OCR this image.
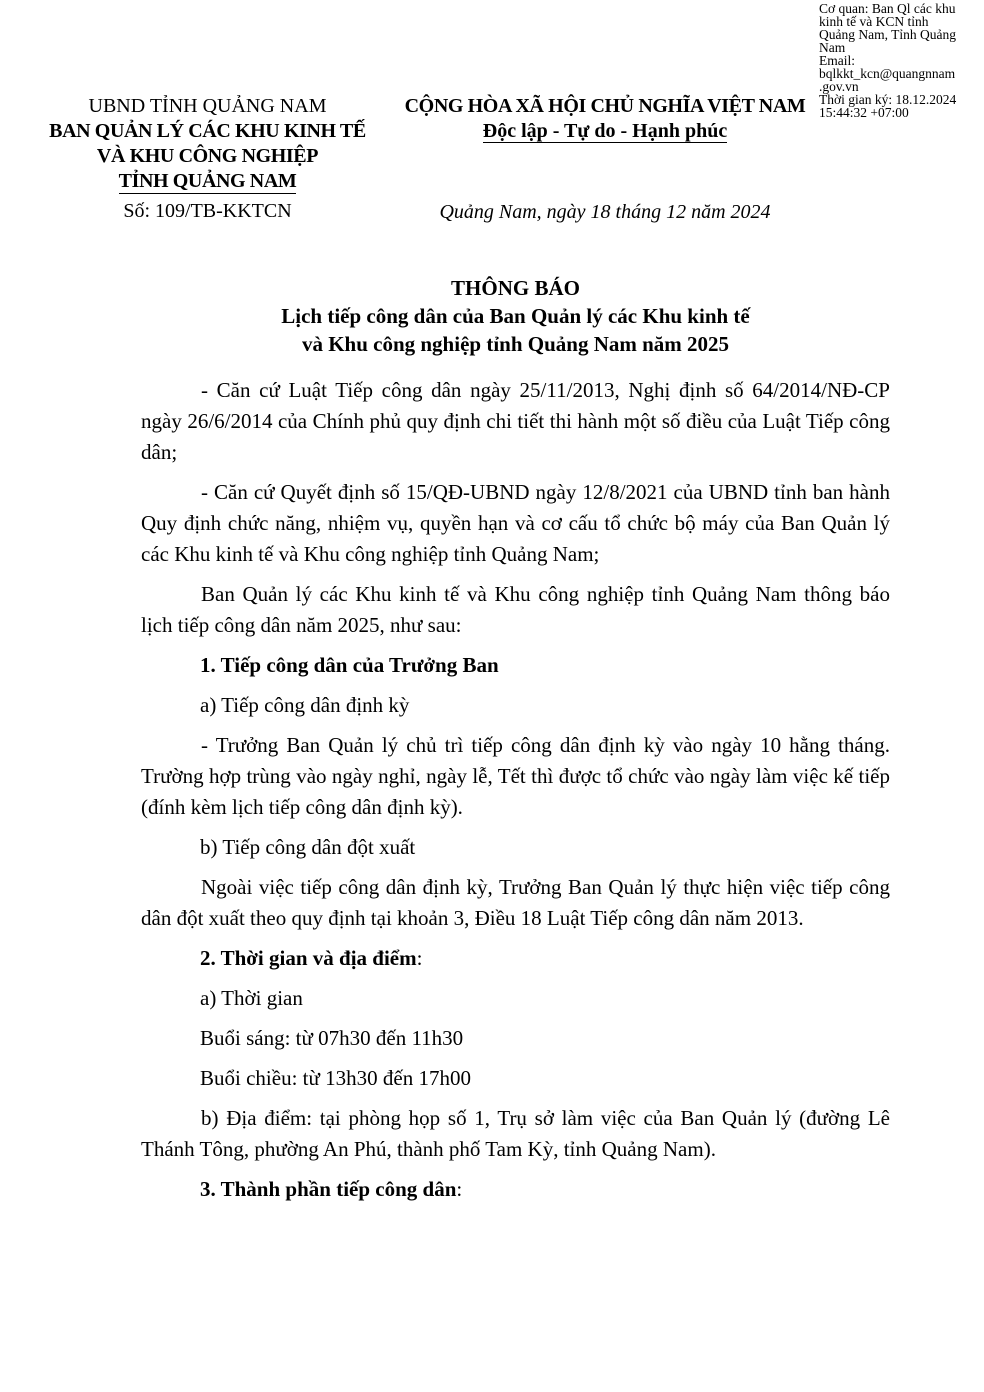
UBND TỈNH QUẢNG NAM
BAN QUẢN LÝ CÁC KHU KINH TẾ
VÀ KHU CÔNG NGHIỆP
TỈNH QUẢNG NAM
Số: 109/TB-KKTCN
CỘNG HÒA XÃ HỘI CHỦ NGHĨA VIỆT NAM
Độc lập - Tự do - Hạnh phúc
Quảng Nam, ngày 18 tháng 12 năm 2024
Cơ quan: Ban Ql các khu
kinh tế và KCN tỉnh
Quảng Nam, Tỉnh Quảng
Nam
Email:
bqlkkt_kcn@quangnnam
.gov.vn
Thời gian ký: 18.12.2024
15:44:32 +07:00
THÔNG BÁO
Lịch tiếp công dân của Ban Quản lý các Khu kinh tế
và Khu công nghiệp tỉnh Quảng Nam năm 2025
- Căn cứ Luật Tiếp công dân ngày 25/11/2013, Nghị định số 64/2014/NĐ-CP ngày 26/6/2014 của Chính phủ quy định chi tiết thi hành một số điều của Luật Tiếp công dân;
- Căn cứ Quyết định số 15/QĐ-UBND ngày 12/8/2021 của UBND tỉnh ban hành Quy định chức năng, nhiệm vụ, quyền hạn và cơ cấu tổ chức bộ máy của Ban Quản lý các Khu kinh tế và Khu công nghiệp tỉnh Quảng Nam;
Ban Quản lý các Khu kinh tế và Khu công nghiệp tỉnh Quảng Nam thông báo lịch tiếp công dân năm 2025, như sau:
1. Tiếp công dân của Trưởng Ban
a) Tiếp công dân định kỳ
- Trưởng Ban Quản lý chủ trì tiếp công dân định kỳ vào ngày 10 hằng tháng. Trường hợp trùng vào ngày nghỉ, ngày lễ, Tết thì được tổ chức vào ngày làm việc kế tiếp (đính kèm lịch tiếp công dân định kỳ).
b) Tiếp công dân đột xuất
Ngoài việc tiếp công dân định kỳ, Trưởng Ban Quản lý thực hiện việc tiếp công dân đột xuất theo quy định tại khoản 3, Điều 18 Luật Tiếp công dân năm 2013.
2. Thời gian và địa điểm:
a) Thời gian
Buổi sáng: từ 07h30 đến 11h30
Buổi chiều: từ 13h30 đến 17h00
b) Địa điểm: tại phòng họp số 1, Trụ sở làm việc của Ban Quản lý (đường Lê Thánh Tông, phường An Phú, thành phố Tam Kỳ, tỉnh Quảng Nam).
3. Thành phần tiếp công dân:
